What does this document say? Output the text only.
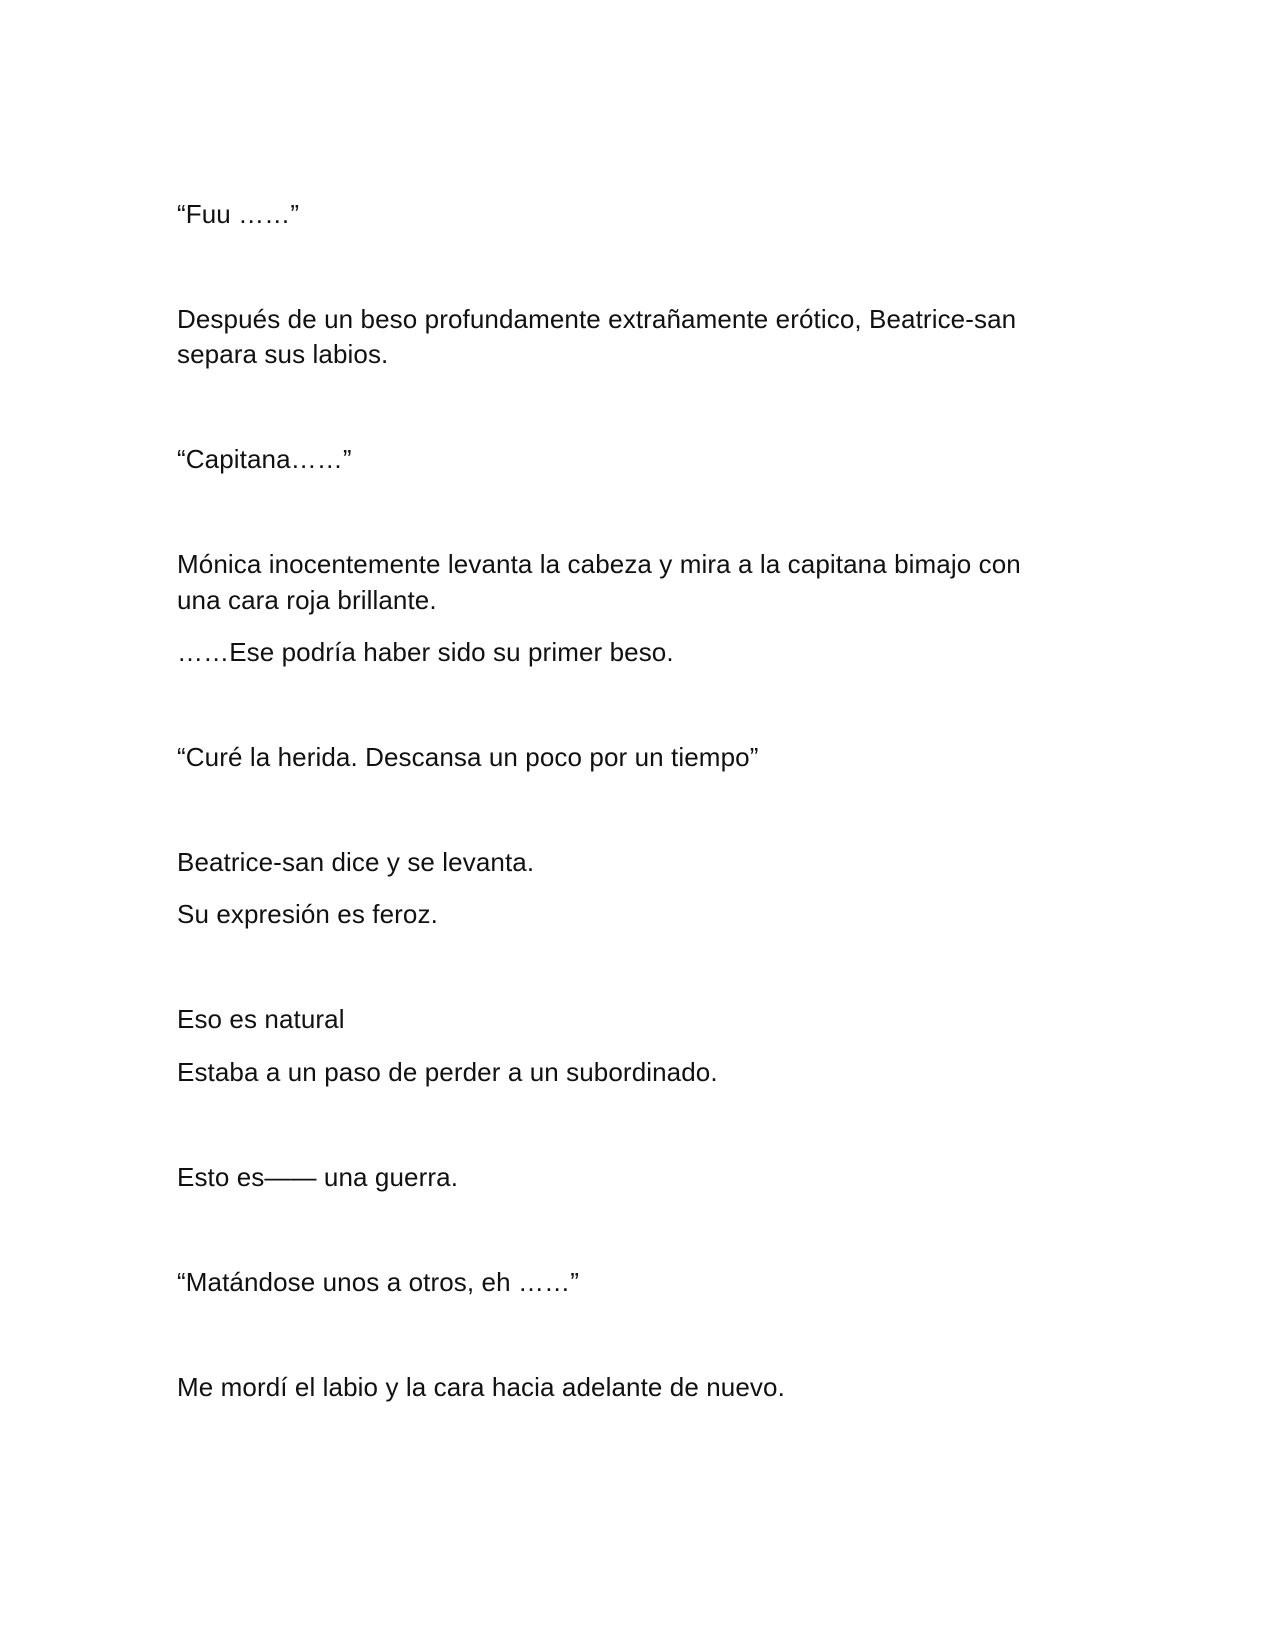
“Fuu ……”
Después de un beso profundamente extrañamente erótico, Beatrice-san
separa sus labios.
“Capitana……”
Mónica inocentemente levanta la cabeza y mira a la capitana bimajo con
una cara roja brillante.
……Ese podría haber sido su primer beso.
“Curé la herida. Descansa un poco por un tiempo”
Beatrice-san dice y se levanta.
Su expresión es feroz.
Eso es natural
Estaba a un paso de perder a un subordinado.
Esto es―― una guerra.
“Matándose unos a otros, eh ……”
Me mordí el labio y la cara hacia adelante de nuevo.
